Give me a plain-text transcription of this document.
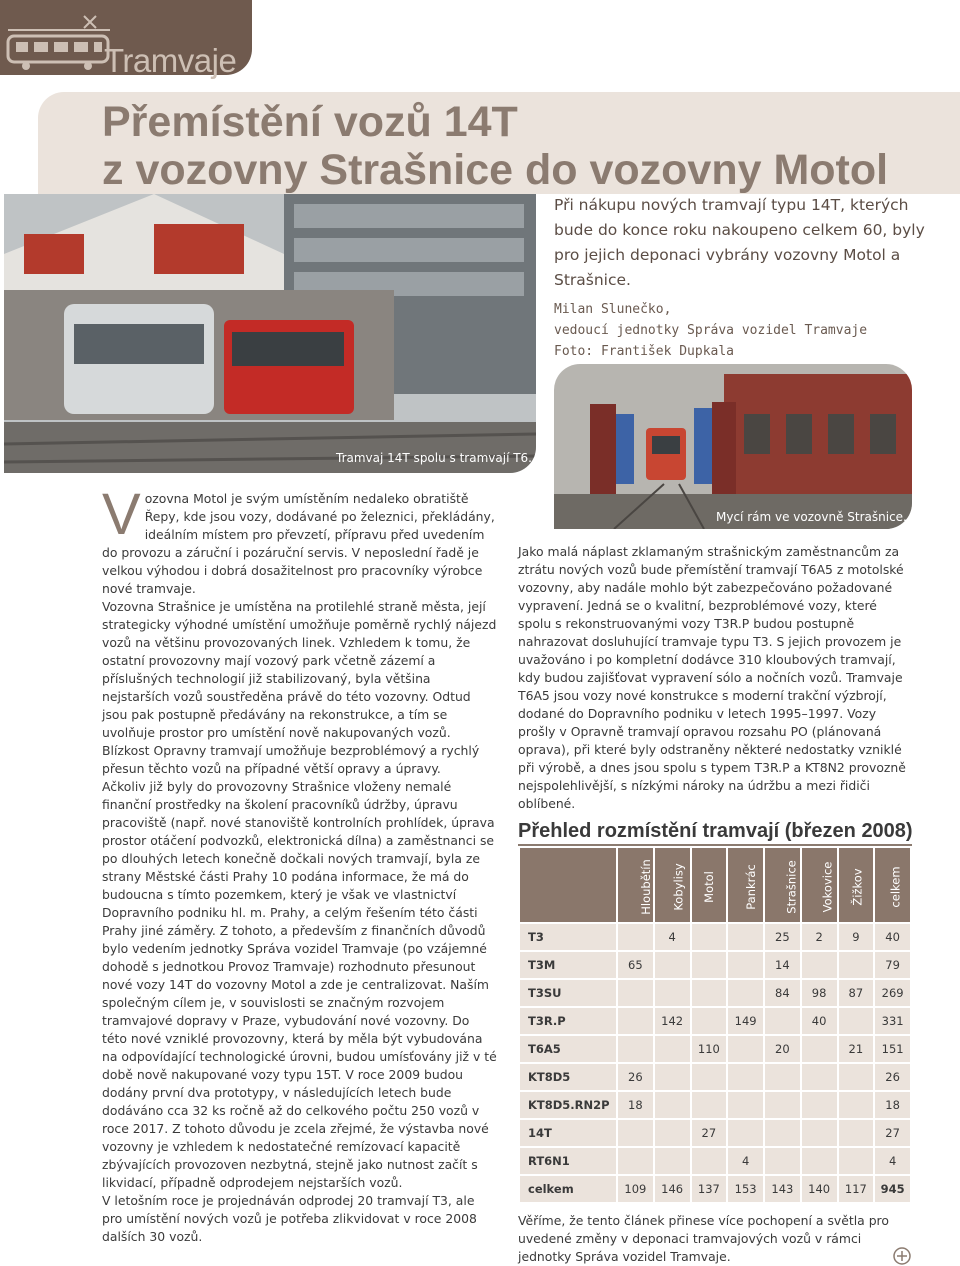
Tramvaje
Přemístění vozů 14T
z vozovny Strašnice do vozovny Motol
Tramvaj 14T spolu s tramvají T6.

Při nákupu nových tramvají typu 14T, kterých bude do konce roku nakoupeno celkem 60, byly pro jejich deponaci vybrány vozovny Motol a Strašnice.

Milan Slunečko,
vedoucí jednotky Správa vozidel Tramvaje
Foto: František Dupkala
Mycí rám ve vozovně Strašnice.

Vozovna Motol je svým umístěním nedaleko obratiště Řepy, kde jsou vozy, dodávané po železnici, překládány, ideálním místem pro převzetí, přípravu před uvedením do provozu a záruční i pozáruční servis. V neposlední řadě je velkou výhodou i dobrá dosažitelnost pro pracovníky výrobce nové tramvaje.

Vozovna Strašnice je umístěna na protilehlé straně města, její strategicky výhodné umístění umožňuje poměrně rychlý nájezd vozů na většinu provozovaných linek. Vzhledem k tomu, že ostatní provozovny mají vozový park včetně zázemí a příslušných technologií již stabilizovaný, byla většina nejstarších vozů soustředěna právě do této vozovny. Odtud jsou pak postupně předávány na rekonstrukce, a tím se uvolňuje prostor pro umístění nově nakupovaných vozů.

Blízkost Opravny tramvají umožňuje bezproblémový a rychlý přesun těchto vozů na případné větší opravy a úpravy.

Ačkoliv již byly do provozovny Strašnice vloženy nemalé finanční prostředky na školení pracovníků údržby, úpravu pracoviště (např. nové stanoviště kontrolních prohlídek, úprava prostor otáčení podvozků, elektronická dílna) a zaměstnanci se po dlouhých letech konečně dočkali nových tramvají, byla ze strany Městské části Prahy 10 podána informace, že má do budoucna s tímto pozemkem, který je však ve vlastnictví Dopravního podniku hl. m. Prahy, a celým řešením této části Prahy jiné záměry. Z tohoto, a především z finančních důvodů bylo vedením jednotky Správa vozidel Tramvaje (po vzájemné dohodě s jednotkou Provoz Tramvaje) rozhodnuto přesunout nové vozy 14T do vozovny Motol a zde je centralizovat. Naším společným cílem je, v souvislosti se značným rozvojem tramvajové dopravy v Praze, vybudování nové vozovny. Do této nové vzniklé provozovny, která by měla být vybudována na odpovídající technologické úrovni, budou umísťovány již v té době nově nakupované vozy typu 15T. V roce 2009 budou dodány první dva prototypy, v následujících letech bude dodáváno cca 32 ks ročně až do celkového počtu 250 vozů v roce 2017. Z tohoto důvodu je zcela zřejmé, že výstavba nové vozovny je vzhledem k nedostatečné remízovací kapacitě zbývajících provozoven nezbytná, stejně jako nutnost začít s likvidací, případně odprodejem nejstarších vozů.

V letošním roce je projednáván odprodej 20 tramvají T3, ale pro umístění nových vozů je potřeba zlikvidovat v roce 2008 dalších 30 vozů.

Jako malá náplast zklamaným strašnickým zaměstnancům za ztrátu nových vozů bude přemístění tramvají T6A5 z motolské vozovny, aby nadále mohlo být zabezpečováno požadované vypravení. Jedná se o kvalitní, bezproblémové vozy, které spolu s rekonstruovanými vozy T3R.P budou postupně nahrazovat dosluhující tramvaje typu T3. S jejich provozem je uvažováno i po kompletní dodávce 310 kloubových tramvají, kdy budou zajišťovat vypravení sólo a nočních vozů. Tramvaje T6A5 jsou vozy nové konstrukce s moderní trakční výzbrojí, dodané do Dopravního podniku v letech 1995–1997. Vozy prošly v Opravně tramvají opravou rozsahu PO (plánovaná oprava), při které byly odstraněny některé nedostatky vzniklé při výrobě, a dnes jsou spolu s typem T3R.P a KT8N2 provozně nejspolehlivější, s nízkými nároky na údržbu a mezi řidiči oblíbené.

Přehled rozmístění tramvají (březen 2008)
	Hloubětín	Kobylisy	Motol	Pankrác	Strašnice	Vokovice	Žižkov	celkem
T3		4			25	2	9	40
T3M	65				14			79
T3SU					84	98	87	269
T3R.P		142		149		40		331
T6A5			110		20		21	151
KT8D5	26							26
KT8D5.RN2P	18							18
14T			27					27
RT6N1				4				4
celkem	109	146	137	153	143	140	117	945

Věříme, že tento článek přinese více pochopení a světla pro uvedené změny v deponaci tramvajových vozů v rámci jednotky Správa vozidel Tramvaje.
